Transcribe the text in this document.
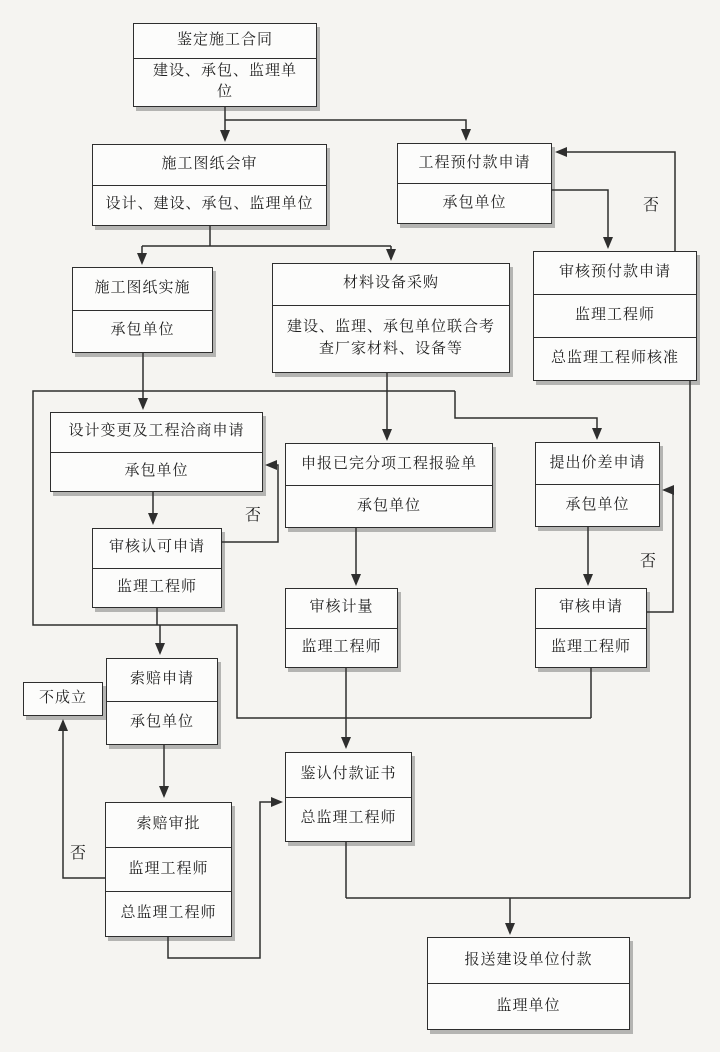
鉴定施工合同
建设、承包、监理单位
施工图纸会审
设计、建设、承包、监理单位
工程预付款申请
承包单位
施工图纸实施
承包单位
材料设备采购
建设、监理、承包单位联合考查厂家材料、设备等
审核预付款申请
监理工程师
总监理工程师核准
设计变更及工程洽商申请
承包单位	申报已完分项工程报验单
承包单位
提出价差申请
承包单位
审核认可申请
监理工程师
审核计量
监理工程师
审核申请
监理工程师
索赔申请
承包单位
不成立
鉴认付款证书
总监理工程师
索赔审批
监理工程师
总监理工程师
报送建设单位付款
监理单位
否
否
否
否
